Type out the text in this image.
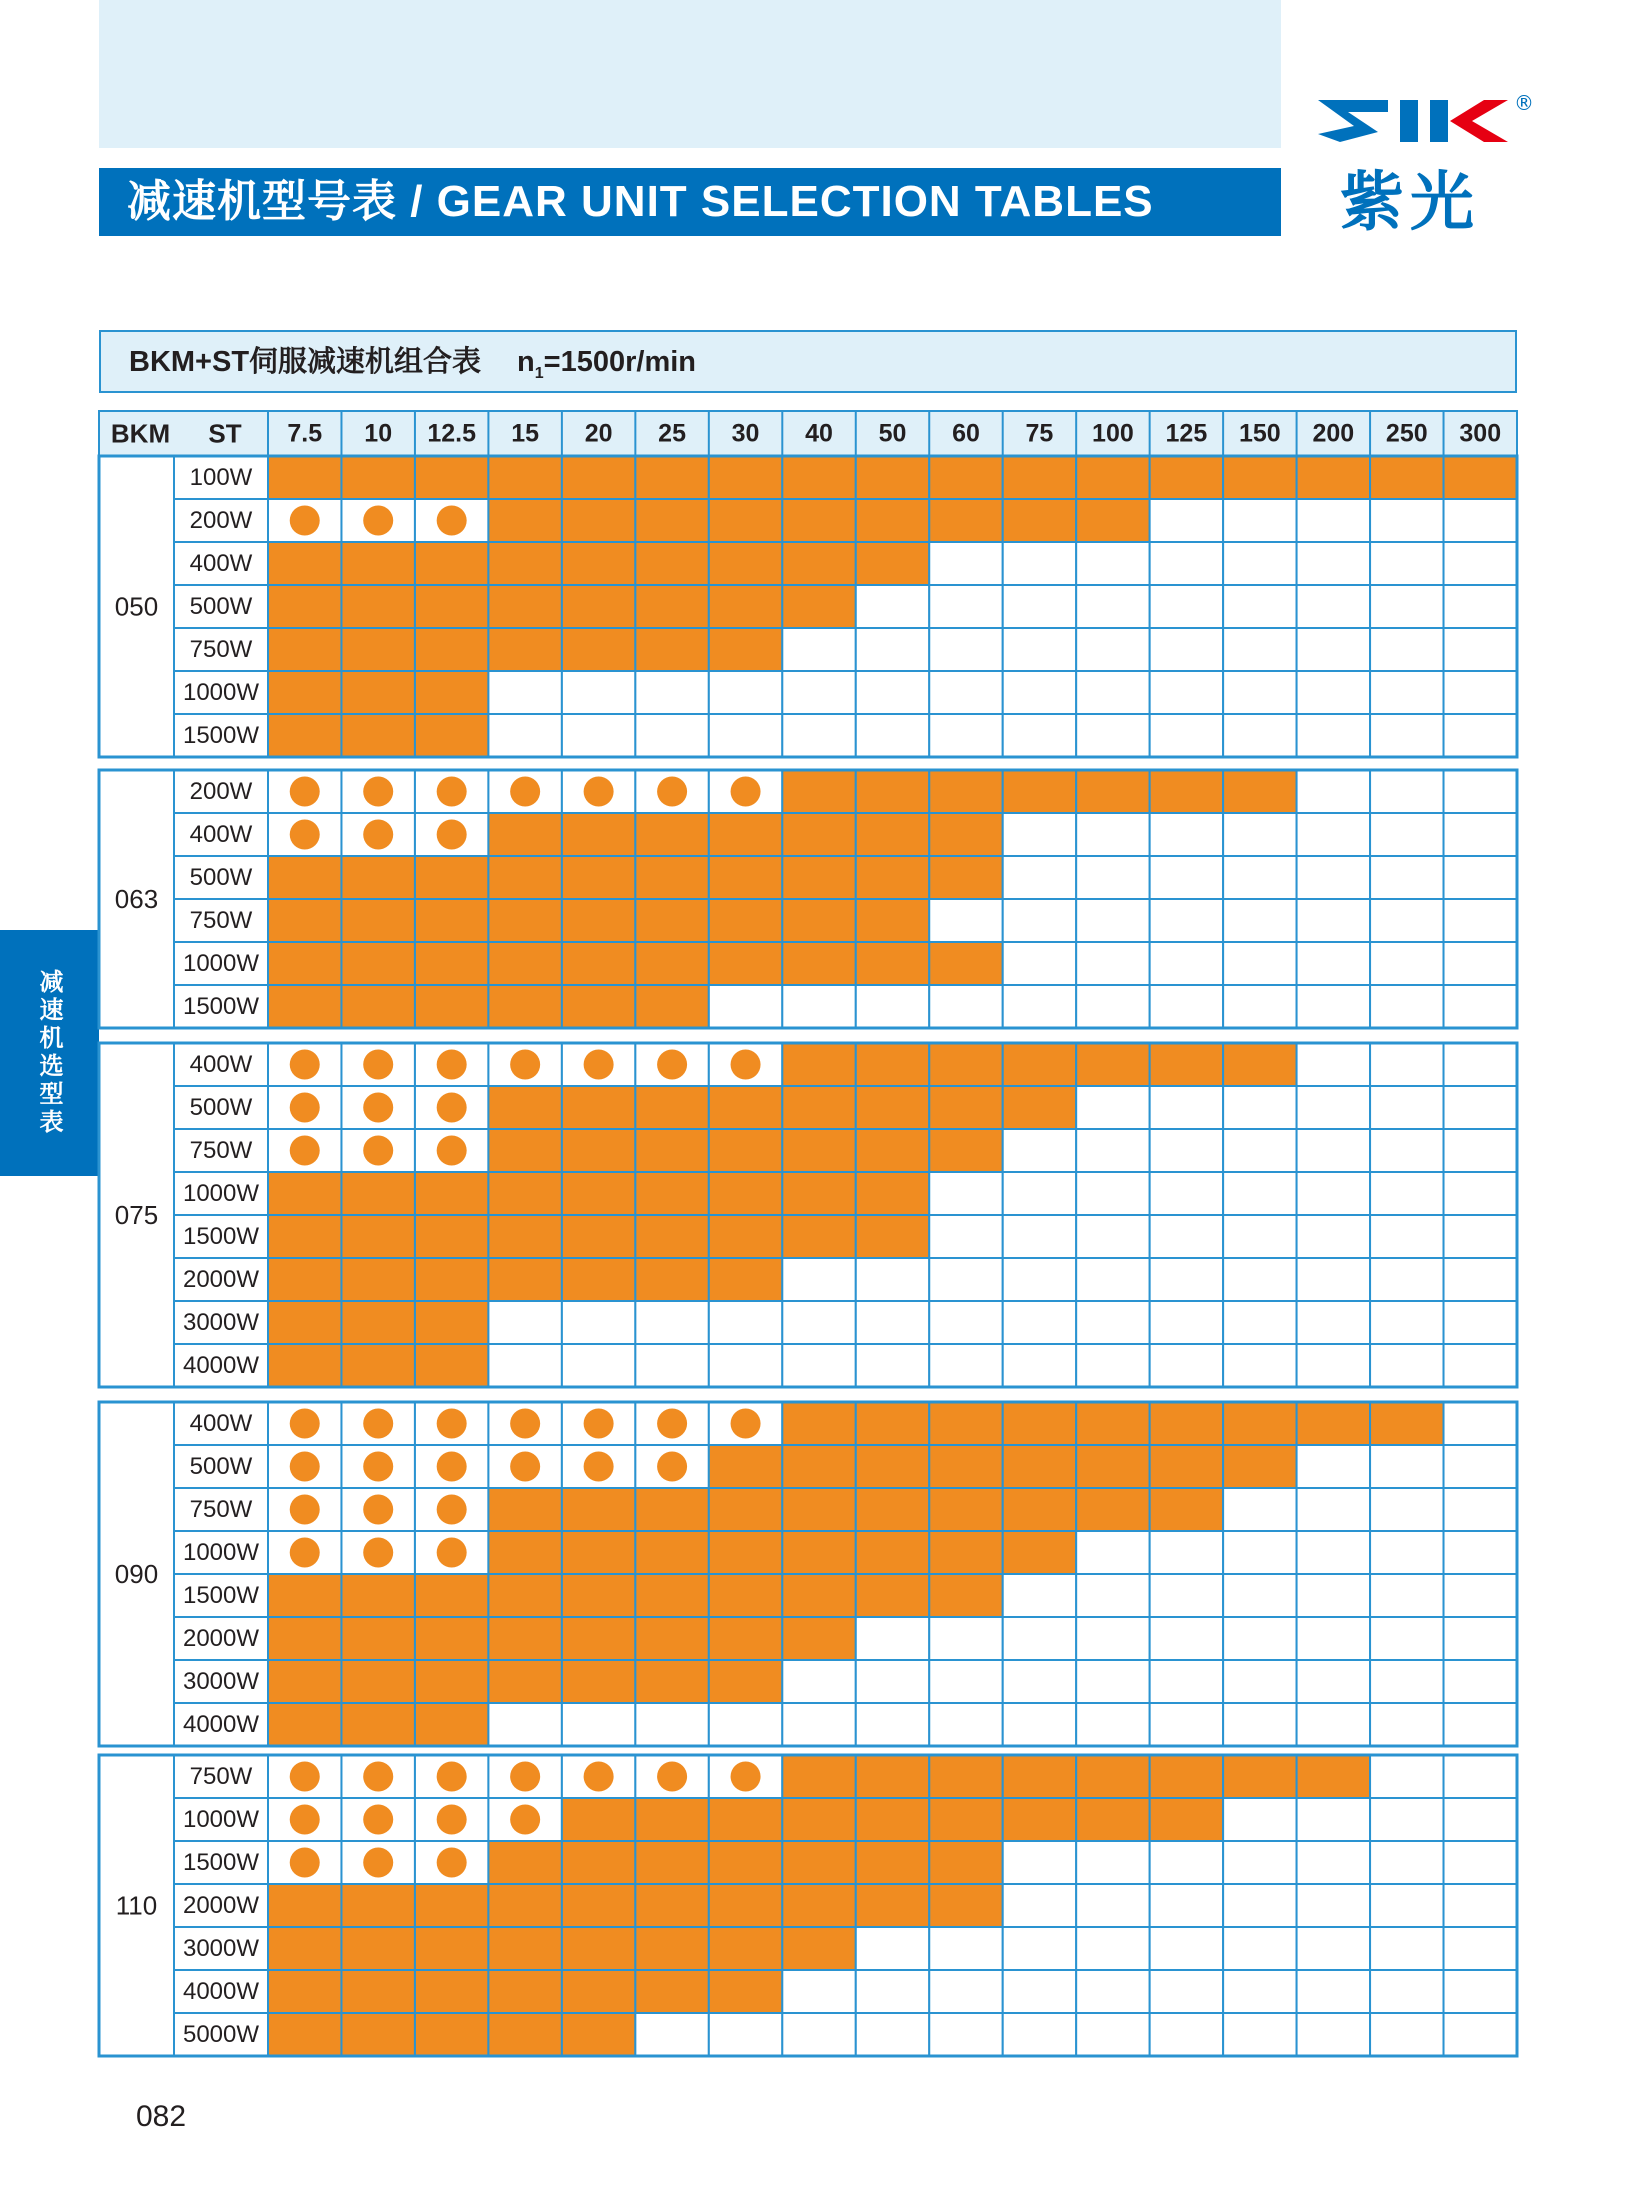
减速机型号表 / GEAR UNIT SELECTION TABLES
®
紫光
减速机选型表
BKM+ST伺服减速机组合表 $n_1=1500r/\min$
BKM ST 7.5 10 12.5 15 20 25 30 40 50 60 75 100 125 150 200 250 300
100W
200W
400W
500W
750W
1000W
1500W
050
200W
400W
500W
750W
1000W
1500W
063
400W
500W
750W
1000W
1500W
2000W
3000W
4000W
075
400W
500W
750W
1000W
1500W
2000W
3000W
4000W
090
750W
1000W
1500W
2000W
3000W
4000W
5000W
110
082
